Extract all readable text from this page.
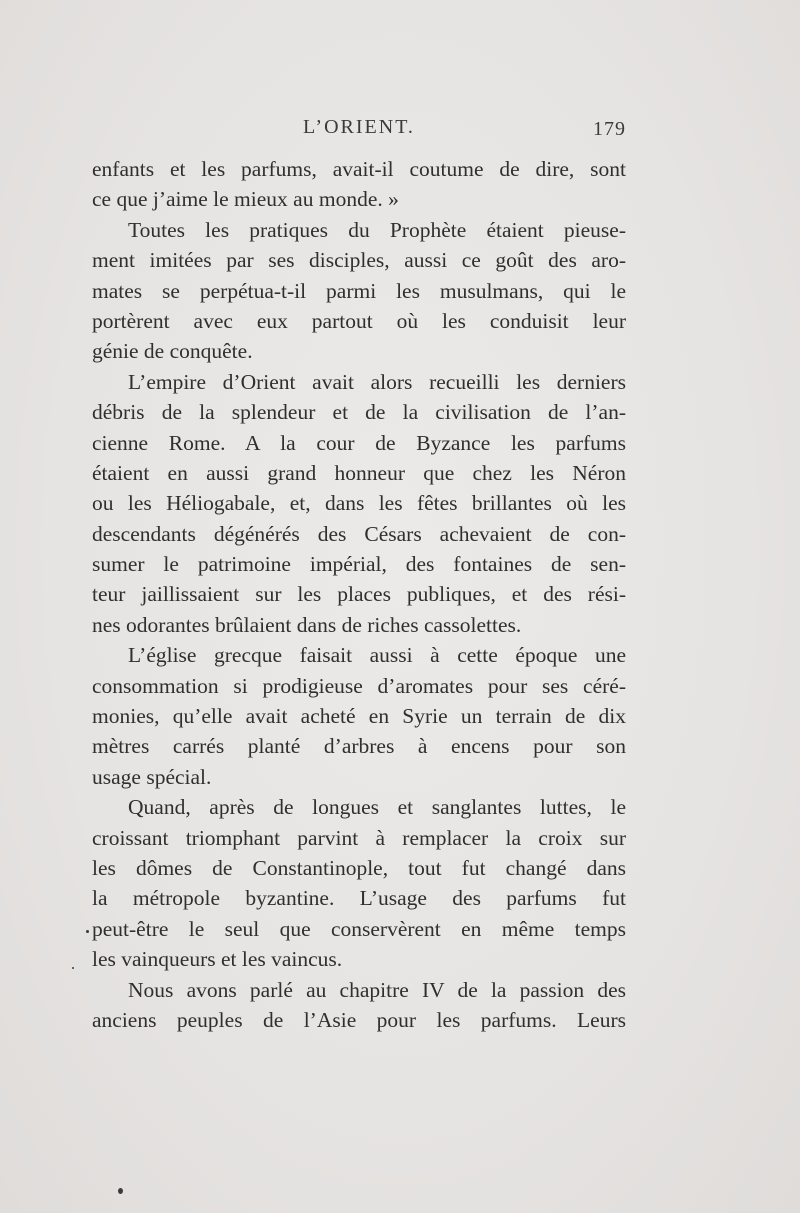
L’ORIENT.	179
enfants et les parfums, avait-il coutume de dire, sont
ce que j’aime le mieux au monde. »
Toutes les pratiques du Prophète étaient pieuse-
ment imitées par ses disciples, aussi ce goût des aro-
mates se perpétua-t-il parmi les musulmans, qui le
portèrent avec eux partout où les conduisit leur
génie de conquête.
L’empire d’Orient avait alors recueilli les derniers
débris de la splendeur et de la civilisation de l’an-
cienne Rome. A la cour de Byzance les parfums
étaient en aussi grand honneur que chez les Néron
ou les Héliogabale, et, dans les fêtes brillantes où les
descendants dégénérés des Césars achevaient de con-
sumer le patrimoine impérial, des fontaines de sen-
teur jaillissaient sur les places publiques, et des rési-
nes odorantes brûlaient dans de riches cassolettes.
L’église grecque faisait aussi à cette époque une
consommation si prodigieuse d’aromates pour ses céré-
monies, qu’elle avait acheté en Syrie un terrain de dix
mètres carrés planté d’arbres à encens pour son
usage spécial.
Quand, après de longues et sanglantes luttes, le
croissant triomphant parvint à remplacer la croix sur
les dômes de Constantinople, tout fut changé dans
la métropole byzantine. L’usage des parfums fut
peut-être le seul que conservèrent en même temps
les vainqueurs et les vaincus.
Nous avons parlé au chapitre IV de la passion des
anciens peuples de l’Asie pour les parfums. Leurs
